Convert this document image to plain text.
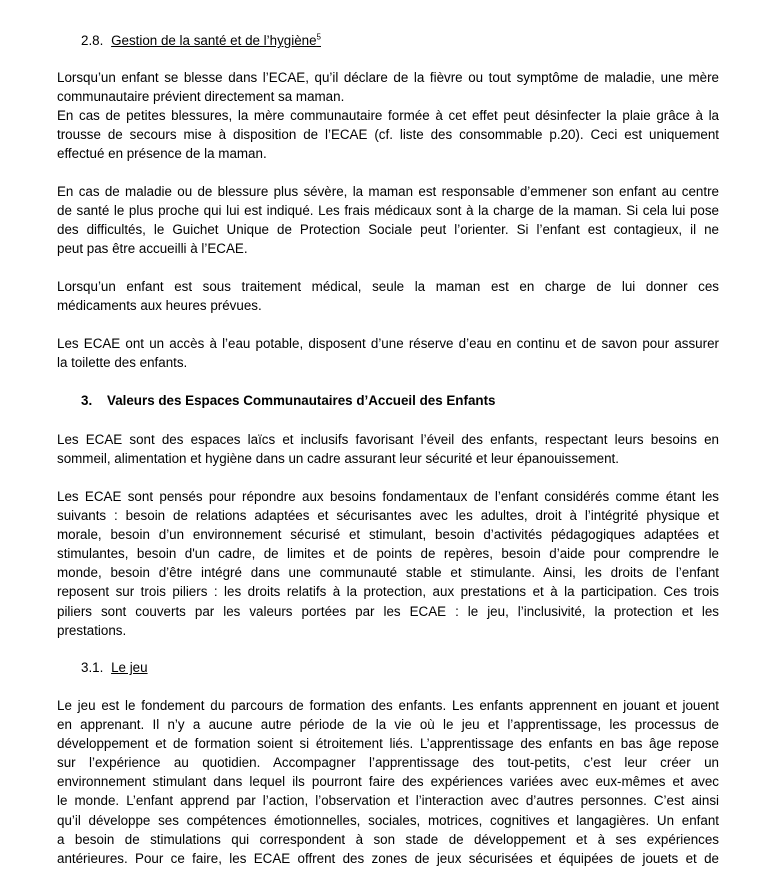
2.8. Gestion de la santé et de l’hygiène$^5$
Lorsqu’un enfant se blesse dans l’ECAE, qu’il déclare de la fièvre ou tout symptôme de maladie, une mère
communautaire prévient directement sa maman.
En cas de petites blessures, la mère communautaire formée à cet effet peut désinfecter la plaie grâce à la
trousse de secours mise à disposition de l’ECAE (cf. liste des consommable p.20). Ceci est uniquement
effectué en présence de la maman.
En cas de maladie ou de blessure plus sévère, la maman est responsable d’emmener son enfant au centre
de santé le plus proche qui lui est indiqué. Les frais médicaux sont à la charge de la maman. Si cela lui pose
des difficultés, le Guichet Unique de Protection Sociale peut l’orienter. Si l’enfant est contagieux, il ne
peut pas être accueilli à l’ECAE.
Lorsqu’un enfant est sous traitement médical, seule la maman est en charge de lui donner ces
médicaments aux heures prévues.
Les ECAE ont un accès à l’eau potable, disposent d’une réserve d’eau en continu et de savon pour assurer
la toilette des enfants.
3. Valeurs des Espaces Communautaires d’Accueil des Enfants
Les ECAE sont des espaces laïcs et inclusifs favorisant l’éveil des enfants, respectant leurs besoins en
sommeil, alimentation et hygiène dans un cadre assurant leur sécurité et leur épanouissement.
Les ECAE sont pensés pour répondre aux besoins fondamentaux de l’enfant considérés comme étant les
suivants : besoin de relations adaptées et sécurisantes avec les adultes, droit à l’intégrité physique et
morale, besoin d’un environnement sécurisé et stimulant, besoin d’activités pédagogiques adaptées et
stimulantes, besoin d'un cadre, de limites et de points de repères, besoin d’aide pour comprendre le
monde, besoin d’être intégré dans une communauté stable et stimulante. Ainsi, les droits de l’enfant
reposent sur trois piliers : les droits relatifs à la protection, aux prestations et à la participation. Ces trois
piliers sont couverts par les valeurs portées par les ECAE : le jeu, l’inclusivité, la protection et les
prestations.
3.1. Le jeu
Le jeu est le fondement du parcours de formation des enfants. Les enfants apprennent en jouant et jouent
en apprenant. Il n’y a aucune autre période de la vie où le jeu et l’apprentissage, les processus de
développement et de formation soient si étroitement liés. L’apprentissage des enfants en bas âge repose
sur l’expérience au quotidien. Accompagner l’apprentissage des tout-petits, c’est leur créer un
environnement stimulant dans lequel ils pourront faire des expériences variées avec eux-mêmes et avec
le monde. L’enfant apprend par l’action, l’observation et l’interaction avec d’autres personnes. C’est ainsi
qu’il développe ses compétences émotionnelles, sociales, motrices, cognitives et langagières. Un enfant
a besoin de stimulations qui correspondent à son stade de développement et à ses expériences
antérieures. Pour ce faire, les ECAE offrent des zones de jeux sécurisées et équipées de jouets et de
